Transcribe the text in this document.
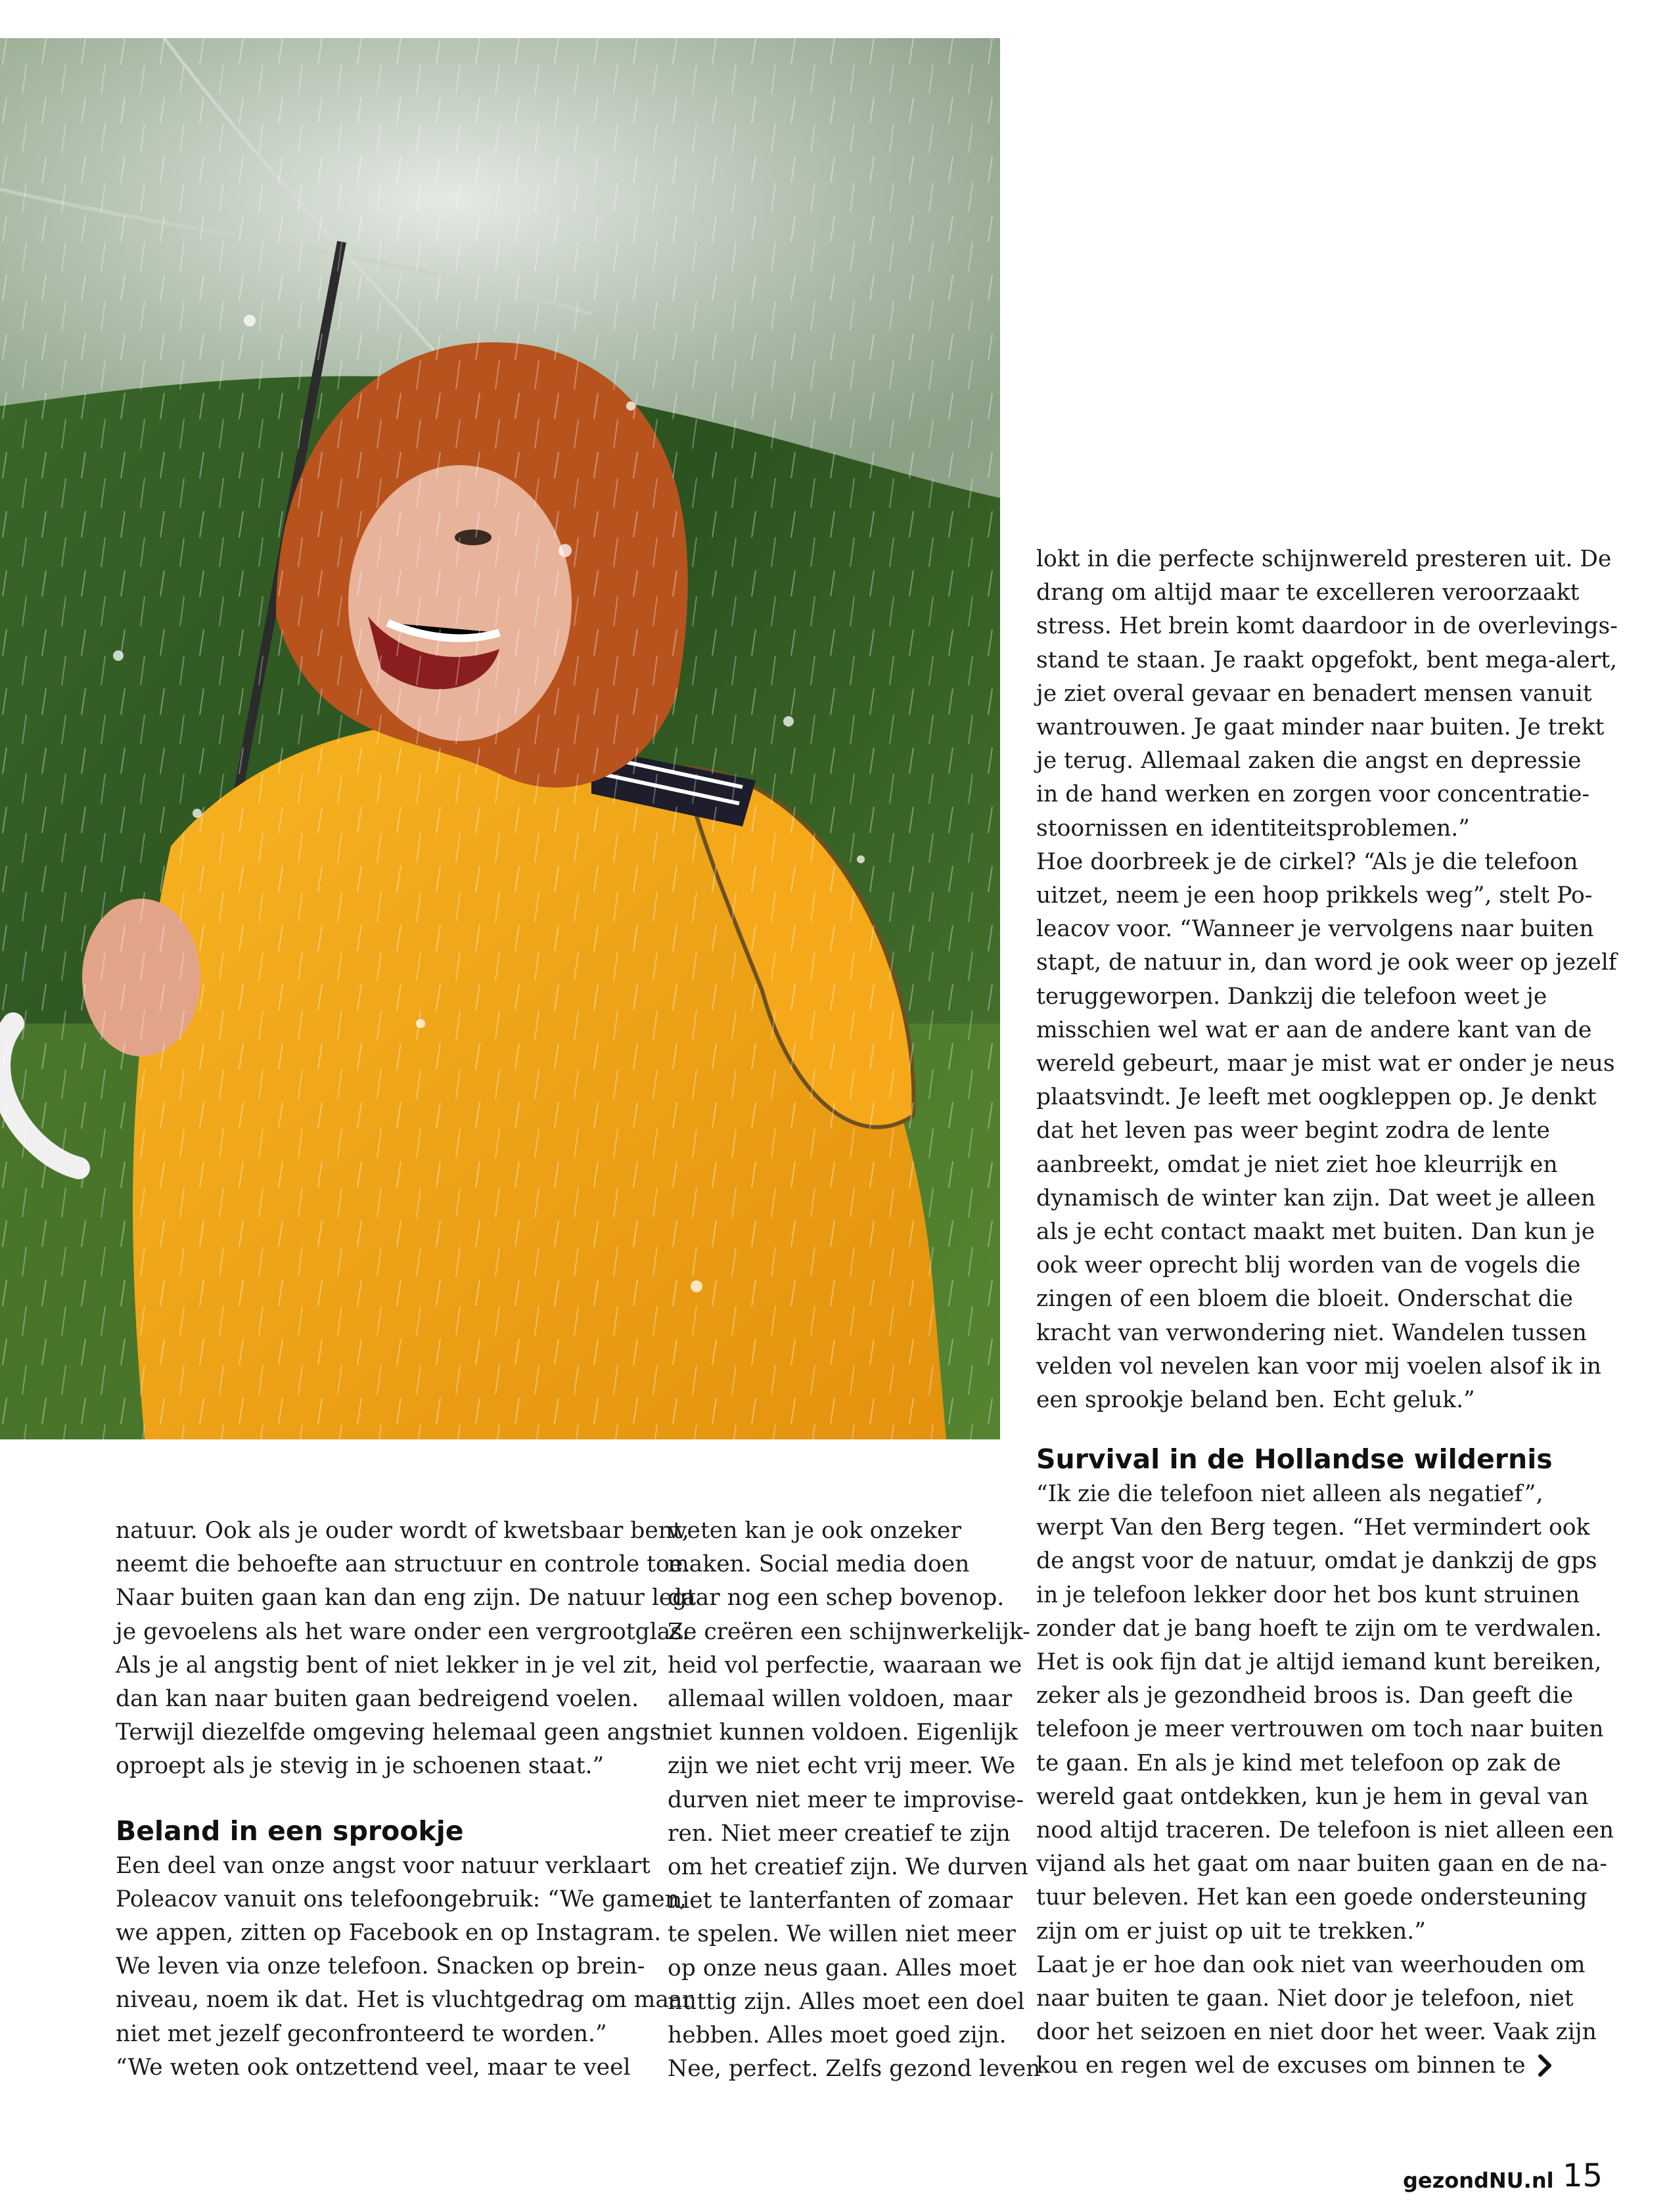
lokt in die perfecte schijnwereld presteren uit. De
drang om altijd maar te excelleren veroorzaakt
stress. Het brein komt daardoor in de overlevings-
stand te staan. Je raakt opgefokt, bent mega-alert,
je ziet overal gevaar en benadert mensen vanuit
wantrouwen. Je gaat minder naar buiten. Je trekt
je terug. Allemaal zaken die angst en depressie
in de hand werken en zorgen voor concentratie-
stoornissen en identiteitsproblemen.”
Hoe doorbreek je de cirkel? “Als je die telefoon
uitzet, neem je een hoop prikkels weg”, stelt Po-
leacov voor. “Wanneer je vervolgens naar buiten
stapt, de natuur in, dan word je ook weer op jezelf
teruggeworpen. Dankzij die telefoon weet je
misschien wel wat er aan de andere kant van de
wereld gebeurt, maar je mist wat er onder je neus
plaatsvindt. Je leeft met oogkleppen op. Je denkt
dat het leven pas weer begint zodra de lente
aanbreekt, omdat je niet ziet hoe kleurrijk en
dynamisch de winter kan zijn. Dat weet je alleen
als je echt contact maakt met buiten. Dan kun je
ook weer oprecht blij worden van de vogels die
zingen of een bloem die bloeit. Onderschat die
kracht van verwondering niet. Wandelen tussen
velden vol nevelen kan voor mij voelen alsof ik in
een sprookje beland ben. Echt geluk.”
Survival in de Hollandse wildernis
“Ik zie die telefoon niet alleen als negatief”,
werpt Van den Berg tegen. “Het vermindert ook
de angst voor de natuur, omdat je dankzij de gps
in je telefoon lekker door het bos kunt struinen
zonder dat je bang hoeft te zijn om te verdwalen.
Het is ook fijn dat je altijd iemand kunt bereiken,
zeker als je gezondheid broos is. Dan geeft die
telefoon je meer vertrouwen om toch naar buiten
te gaan. En als je kind met telefoon op zak de
wereld gaat ontdekken, kun je hem in geval van
nood altijd traceren. De telefoon is niet alleen een
vijand als het gaat om naar buiten gaan en de na-
tuur beleven. Het kan een goede ondersteuning
zijn om er juist op uit te trekken.”
Laat je er hoe dan ook niet van weerhouden om
naar buiten te gaan. Niet door je telefoon, niet
door het seizoen en niet door het weer. Vaak zijn
kou en regen wel de excuses om binnen te
natuur. Ook als je ouder wordt of kwetsbaar bent,
neemt die behoefte aan structuur en controle toe.
Naar buiten gaan kan dan eng zijn. De natuur legt
je gevoelens als het ware onder een vergrootglas.
Als je al angstig bent of niet lekker in je vel zit,
dan kan naar buiten gaan bedreigend voelen.
Terwijl diezelfde omgeving helemaal geen angst
oproept als je stevig in je schoenen staat.”
Beland in een sprookje
Een deel van onze angst voor natuur verklaart
Poleacov vanuit ons telefoongebruik: “We gamen,
we appen, zitten op Facebook en op Instagram.
We leven via onze telefoon. Snacken op brein-
niveau, noem ik dat. Het is vluchtgedrag om maar
niet met jezelf geconfronteerd te worden.”
“We weten ook ontzettend veel, maar te veel
weten kan je ook onzeker
maken. Social media doen
daar nog een schep bovenop.
Ze creëren een schijnwerkelijk-
heid vol perfectie, waaraan we
allemaal willen voldoen, maar
niet kunnen voldoen. Eigenlijk
zijn we niet echt vrij meer. We
durven niet meer te improvise-
ren. Niet meer creatief te zijn
om het creatief zijn. We durven
niet te lanterfanten of zomaar
te spelen. We willen niet meer
op onze neus gaan. Alles moet
nuttig zijn. Alles moet een doel
hebben. Alles moet goed zijn.
Nee, perfect. Zelfs gezond leven
gezondNU.nl 15
